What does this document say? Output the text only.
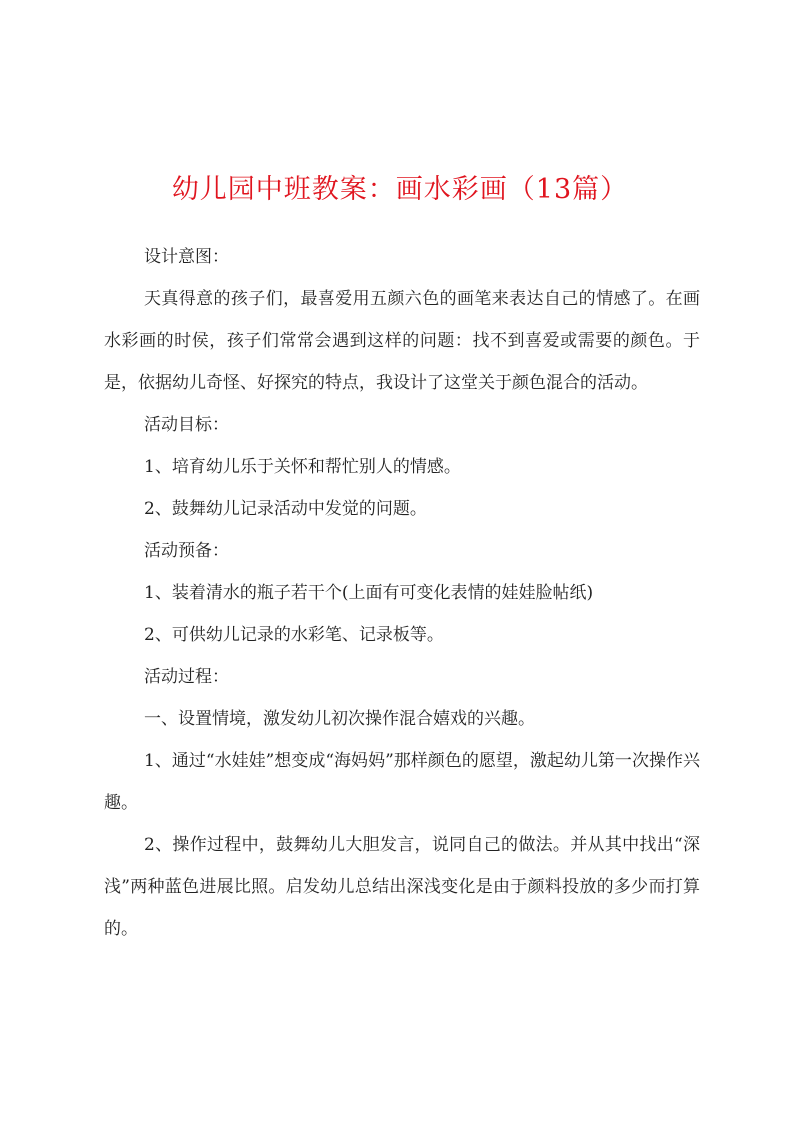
幼儿园中班教案：画水彩画（13篇）

设计意图：

天真得意的孩子们，最喜爱用五颜六色的画笔来表达自己的情感了。在画水彩画的时侯，孩子们常常会遇到这样的问题：找不到喜爱或需要的颜色。于是，依据幼儿奇怪、好探究的特点，我设计了这堂关于颜色混合的活动。

活动目标：

1、培育幼儿乐于关怀和帮忙别人的情感。

2、鼓舞幼儿记录活动中发觉的问题。

活动预备：

1、装着清水的瓶子若干个(上面有可变化表情的娃娃脸帖纸)

2、可供幼儿记录的水彩笔、记录板等。

活动过程：

一、设置情境，激发幼儿初次操作混合嬉戏的兴趣。

1、通过“水娃娃”想变成“海妈妈”那样颜色的愿望，激起幼儿第一次操作兴趣。

2、操作过程中，鼓舞幼儿大胆发言，说同自己的做法。并从其中找出“深浅”两种蓝色进展比照。启发幼儿总结出深浅变化是由于颜料投放的多少而打算的。
